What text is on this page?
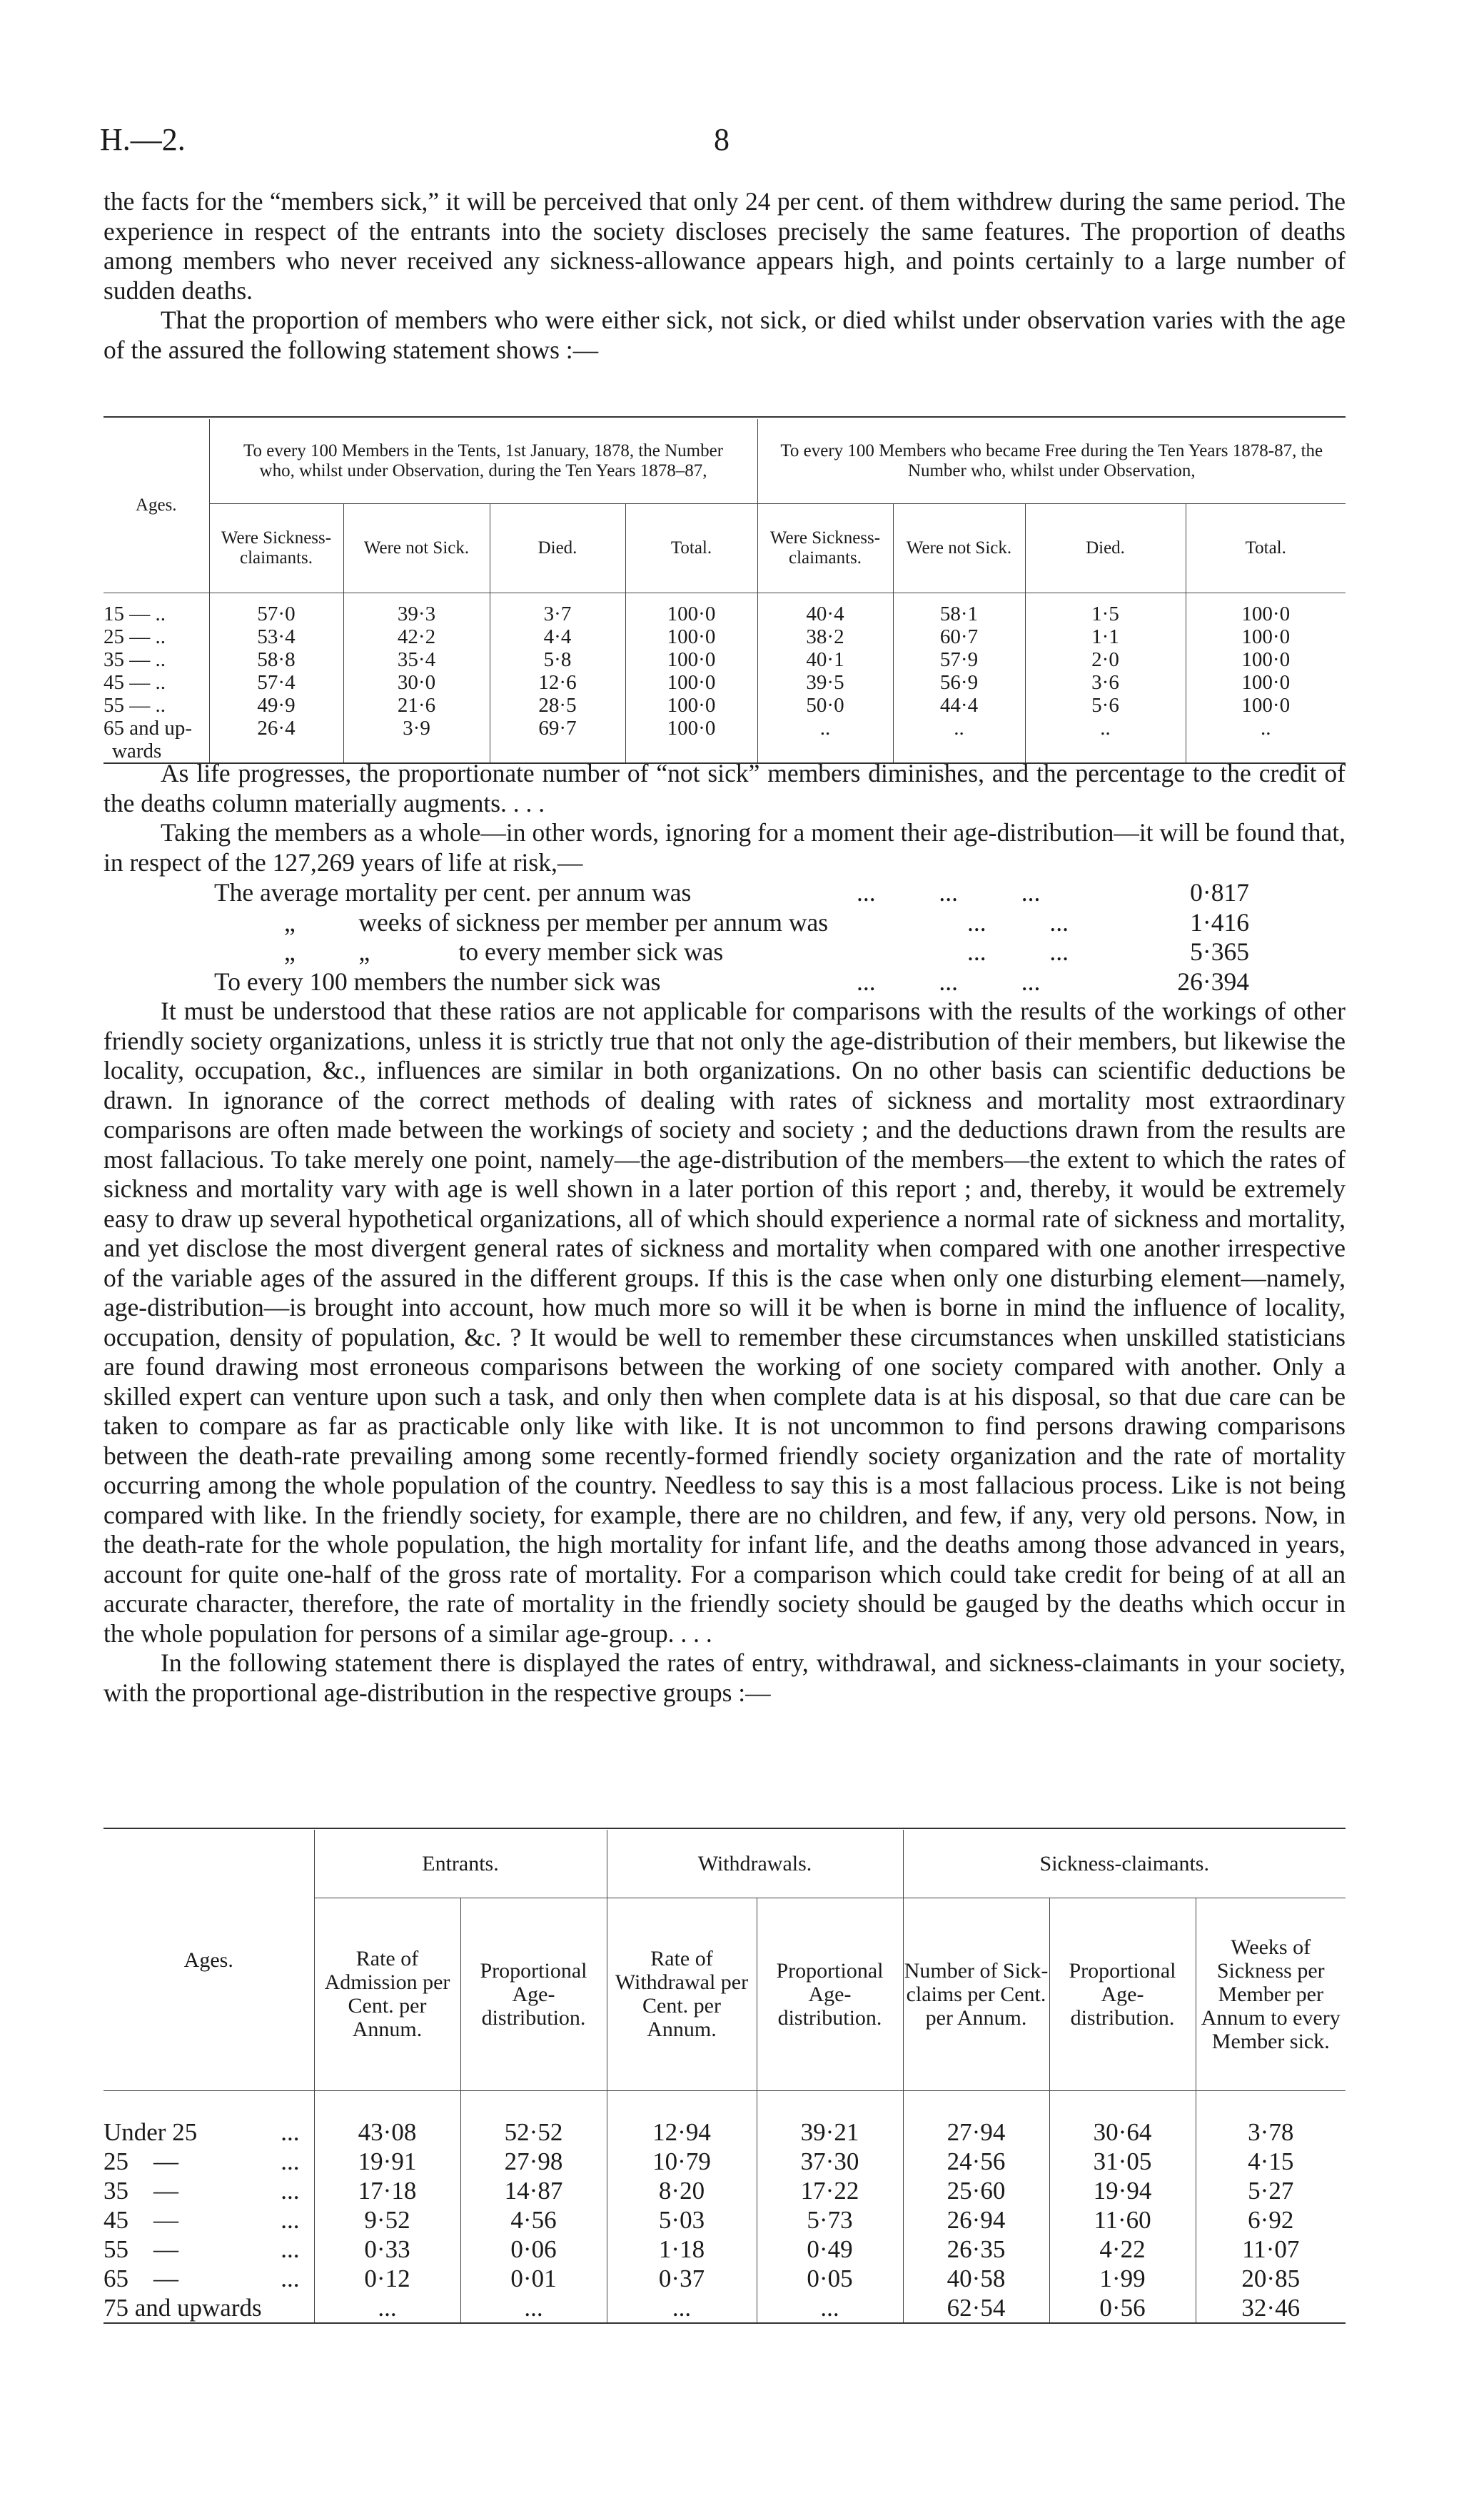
H.—2.	8

the facts for the “members sick,” it will be perceived that only 24 per cent. of them withdrew during the same period. The experience in respect of the entrants into the society discloses precisely the same features. The proportion of deaths among members who never received any sickness-allowance appears high, and points certainly to a large number of sudden deaths.

That the proportion of members who were either sick, not sick, or died whilst under observation varies with the age of the assured the following statement shows :—

Ages.	To every 100 Members in the Tents, 1st January, 1878, the Number who, whilst under Observation, during the Ten Years 1878–87,				To every 100 Members who became Free during the Ten Years 1878-87, the Number who, whilst under Observation,			
	Were Sickness-claimants.	Were not Sick.	Died.	Total.	Were Sickness-claimants.	Were not Sick.	Died.	Total.

15 — ..	57·0	39·3	3·7	100·0	40·4	58·1	1·5	100·0
25 — ..	53·4	42·2	4·4	100·0	38·2	60·7	1·1	100·0
35 — ..	58·8	35·4	5·8	100·0	40·1	57·9	2·0	100·0
45 — ..	57·4	30·0	12·6	100·0	39·5	56·9	3·6	100·0
55 — ..	49·9	21·6	28·5	100·0	50·0	44·4	5·6	100·0
65 and up-	26·4	3·9	69·7	100·0	..	..	..	..
wards								

As life progresses, the proportionate number of “not sick” members diminishes, and the percentage to the credit of the deaths column materially augments. . . .

Taking the members as a whole—in other words, ignoring for a moment their age-distribution—it will be found that, in respect of the 127,269 years of life at risk,—

The average mortality per cent. per annum was	...          ...          ...	0·817
„          weeks of sickness per member per annum was	...          ...	1·416
„          „              to every member sick was	...          ...	5·365
To every 100 members the number sick was	...          ...          ...	26·394

It must be understood that these ratios are not applicable for comparisons with the results of the workings of other friendly society organizations, unless it is strictly true that not only the age-distribution of their members, but likewise the locality, occupation, &c., influences are similar in both organizations. On no other basis can scientific deductions be drawn. In ignorance of the correct methods of dealing with rates of sickness and mortality most extraordinary comparisons are often made between the workings of society and society ; and the deductions drawn from the results are most fallacious. To take merely one point, namely—the age-distribution of the members—the extent to which the rates of sickness and mortality vary with age is well shown in a later portion of this report ; and, thereby, it would be extremely easy to draw up several hypothetical organizations, all of which should experience a normal rate of sickness and mortality, and yet disclose the most divergent general rates of sickness and mortality when compared with one another irrespective of the variable ages of the assured in the different groups. If this is the case when only one disturbing element—namely, age-distribution—is brought into account, how much more so will it be when is borne in mind the influence of locality, occupation, density of population, &c. ? It would be well to remember these circumstances when unskilled statisticians are found drawing most erroneous comparisons between the working of one society compared with another. Only a skilled expert can venture upon such a task, and only then when complete data is at his disposal, so that due care can be taken to compare as far as practicable only like with like. It is not uncommon to find persons drawing comparisons between the death-rate prevailing among some recently-formed friendly society organization and the rate of mortality occurring among the whole population of the country. Needless to say this is a most fallacious process. Like is not being compared with like. In the friendly society, for example, there are no children, and few, if any, very old persons. Now, in the death-rate for the whole population, the high mortality for infant life, and the deaths among those advanced in years, account for quite one-half of the gross rate of mortality. For a comparison which could take credit for being of at all an accurate character, therefore, the rate of mortality in the friendly society should be gauged by the deaths which occur in the whole population for persons of a similar age-group. . . .

In the following statement there is displayed the rates of entry, withdrawal, and sickness-claimants in your society, with the proportional age-distribution in the respective groups :—

Ages.	Entrants.		Withdrawals.		Sickness-claimants.		
	Rate of Admission per Cent. per Annum.	Proportional Age-distribution.	Rate of Withdrawal per Cent. per Annum.	Proportional Age-distribution.	Number of Sick-claims per Cent. per Annum.	Proportional Age-distribution.	Weeks of Sickness per Member per Annum to every Member sick.

Under 25 ...	43·08	52·52	12·94	39·21	27·94	30·64	3·78
25    — ...	19·91	27·98	10·79	37·30	24·56	31·05	4·15
35    — ...	17·18	14·87	8·20	17·22	25·60	19·94	5·27
45    — ...	9·52	4·56	5·03	5·73	26·94	11·60	6·92
55    — ...	0·33	0·06	1·18	0·49	26·35	4·22	11·07
65    — ...	0·12	0·01	0·37	0·05	40·58	1·99	20·85
75 and upwards	...	...	...	...	62·54	0·56	32·46
